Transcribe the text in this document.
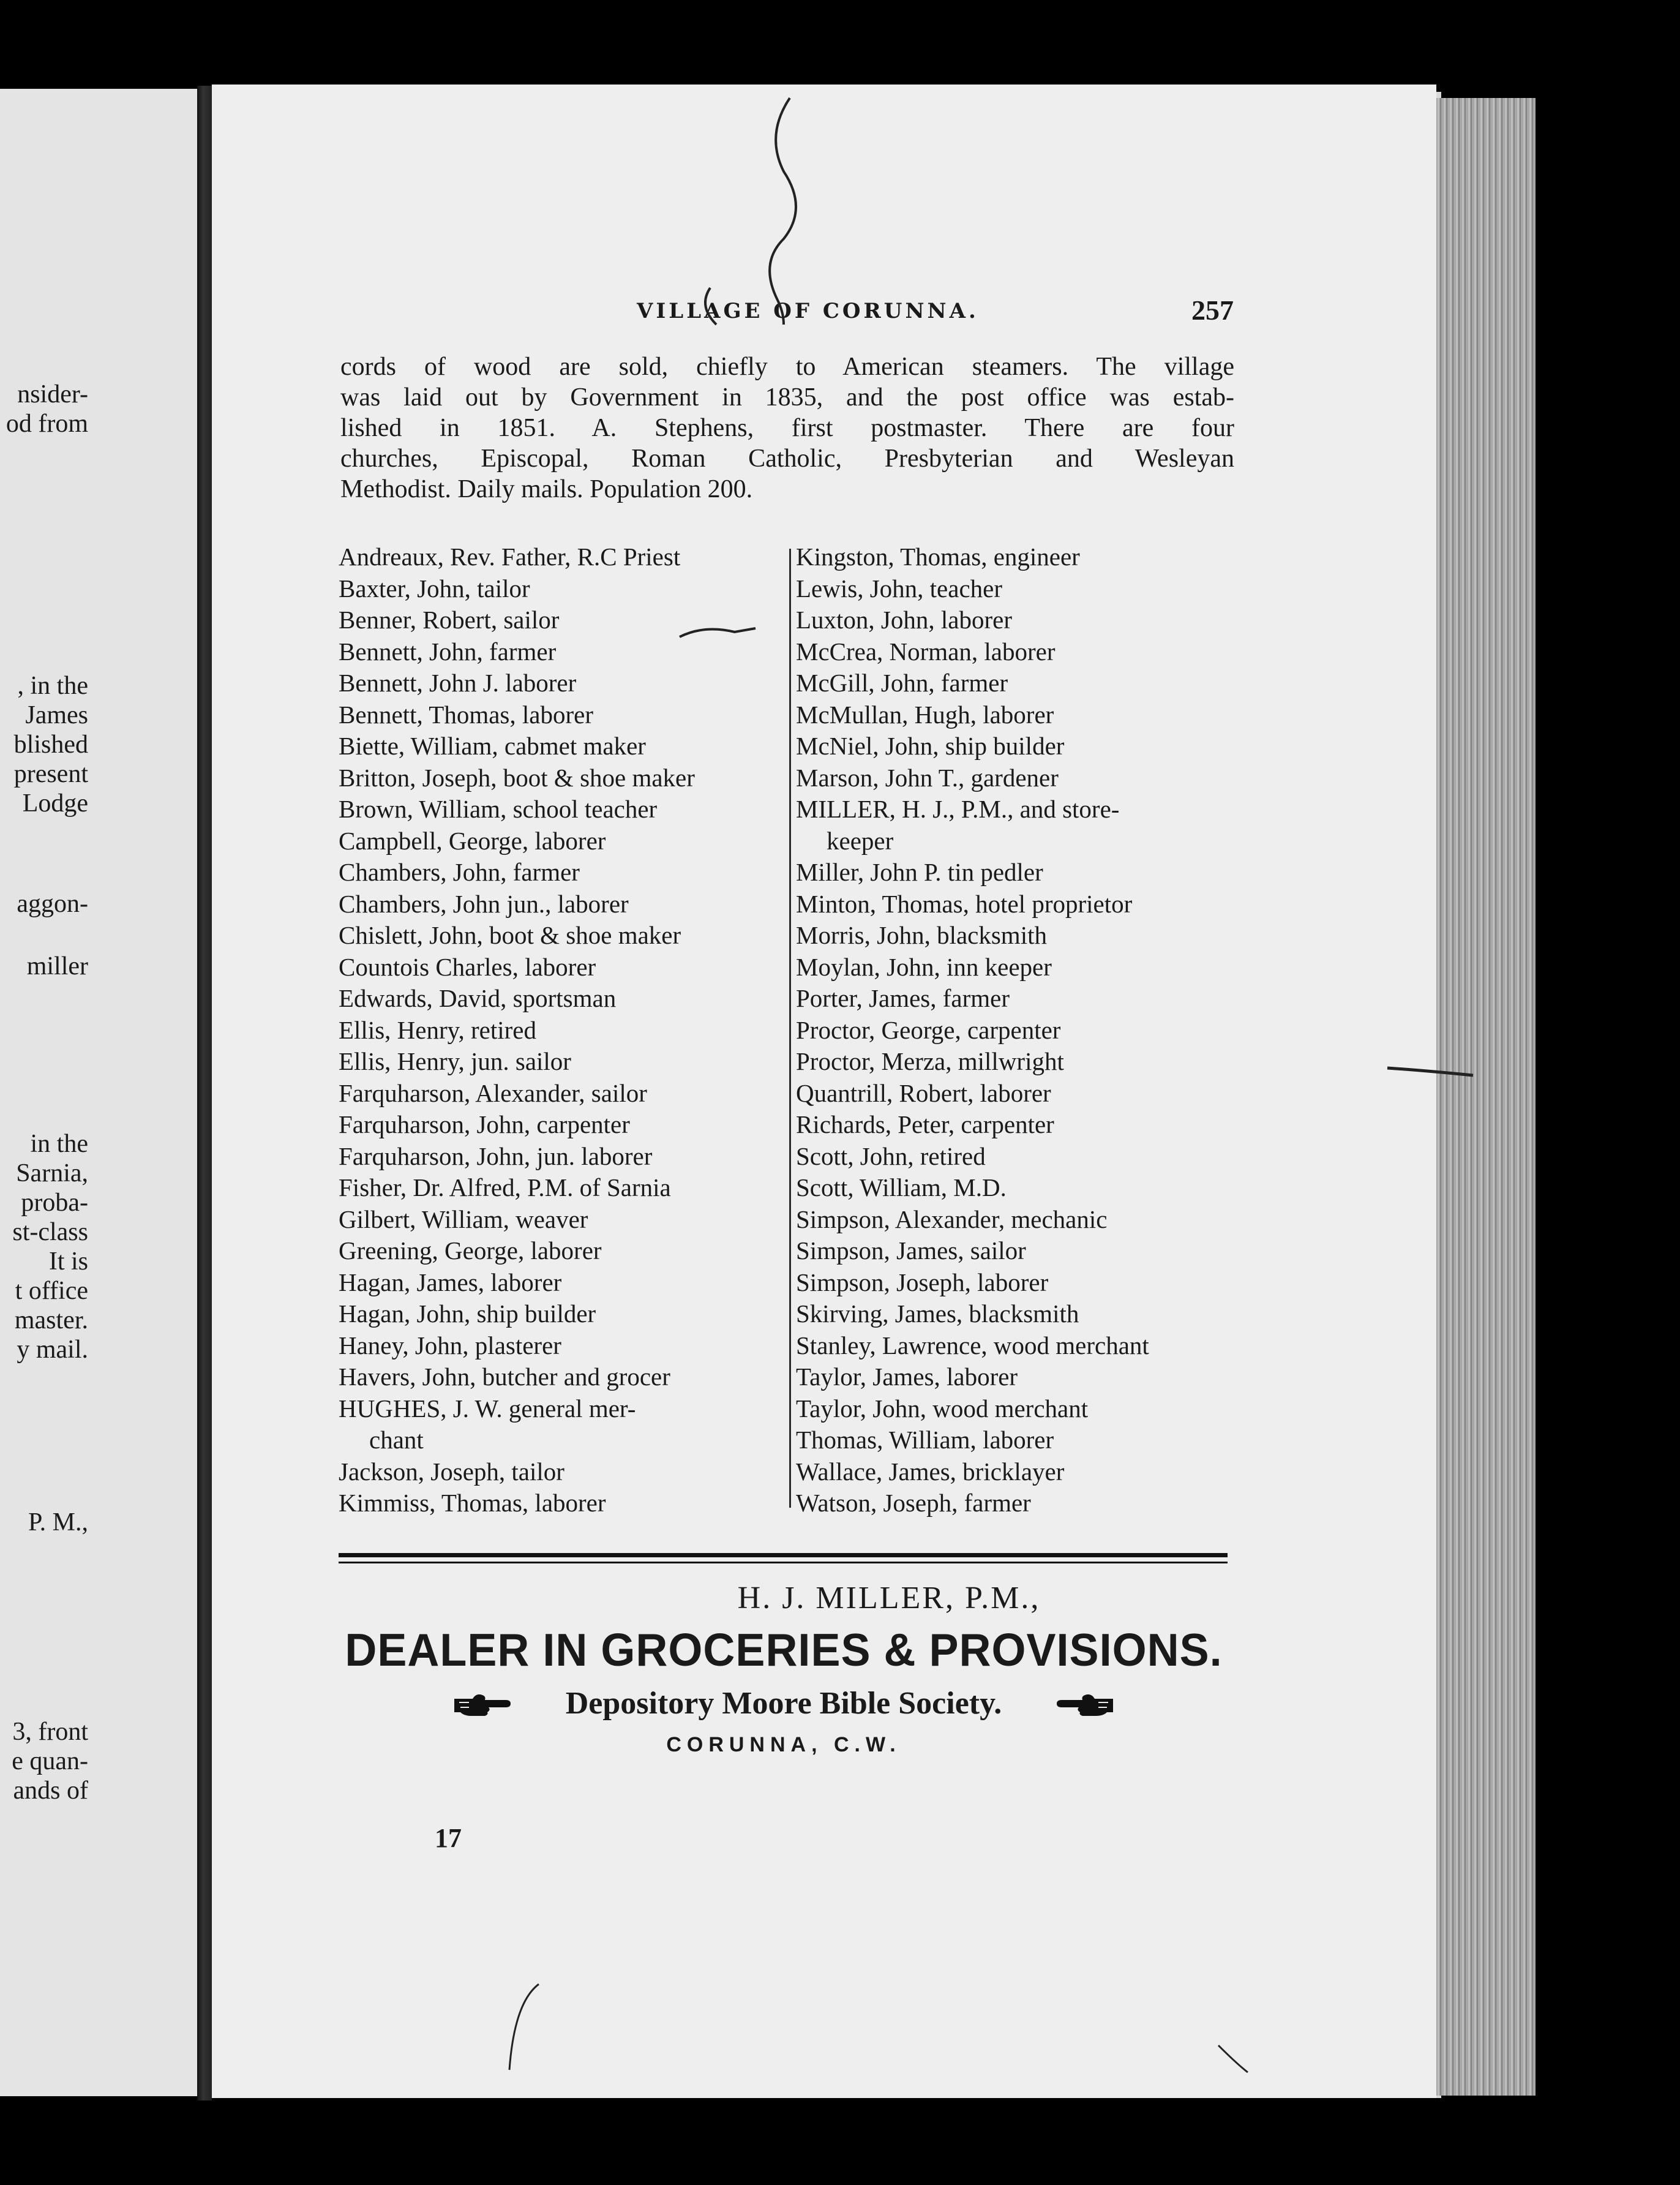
nsider-
od from
, in the
James
blished
present
Lodge
aggon-
miller
in the
Sarnia,
proba-
st-class
It is
t office
master.
y mail.
P. M.,
3, front
e quan-
ands of
VILLAGE OF CORUNNA.	257

cords of wood are sold, chiefly to American steamers. The village
was laid out by Government in 1835, and the post office was estab-
lished in 1851. A. Stephens, first postmaster. There are four
churches, Episcopal, Roman Catholic, Presbyterian and Wesleyan
Methodist. Daily mails. Population 200.

Andreaux, Rev. Father, R.C Priest
Baxter, John, tailor
Benner, Robert, sailor
Bennett, John, farmer
Bennett, John J. laborer
Bennett, Thomas, laborer
Biette, William, cabmet maker
Britton, Joseph, boot & shoe maker
Brown, William, school teacher
Campbell, George, laborer
Chambers, John, farmer
Chambers, John jun., laborer
Chislett, John, boot & shoe maker
Countois Charles, laborer
Edwards, David, sportsman
Ellis, Henry, retired
Ellis, Henry, jun. sailor
Farquharson, Alexander, sailor
Farquharson, John, carpenter
Farquharson, John, jun. laborer
Fisher, Dr. Alfred, P.M. of Sarnia
Gilbert, William, weaver
Greening, George, laborer
Hagan, James, laborer
Hagan, John, ship builder
Haney, John, plasterer
Havers, John, butcher and grocer
HUGHES, J. W. general mer-
chant
Jackson, Joseph, tailor
Kimmiss, Thomas, laborer
Kingston, Thomas, engineer
Lewis, John, teacher
Luxton, John, laborer
McCrea, Norman, laborer
McGill, John, farmer
McMullan, Hugh, laborer
McNiel, John, ship builder
Marson, John T., gardener
MILLER, H. J., P.M., and store-
keeper
Miller, John P. tin pedler
Minton, Thomas, hotel proprietor
Morris, John, blacksmith
Moylan, John, inn keeper
Porter, James, farmer
Proctor, George, carpenter
Proctor, Merza, millwright
Quantrill, Robert, laborer
Richards, Peter, carpenter
Scott, John, retired
Scott, William, M.D.
Simpson, Alexander, mechanic
Simpson, James, sailor
Simpson, Joseph, laborer
Skirving, James, blacksmith
Stanley, Lawrence, wood merchant
Taylor, James, laborer
Taylor, John, wood merchant
Thomas, William, laborer
Wallace, James, bricklayer
Watson, Joseph, farmer
H. J. MILLER, P.M.,
DEALER IN GROCERIES & PROVISIONS.
Depository Moore Bible Society.
CORUNNA, C.W.
17
